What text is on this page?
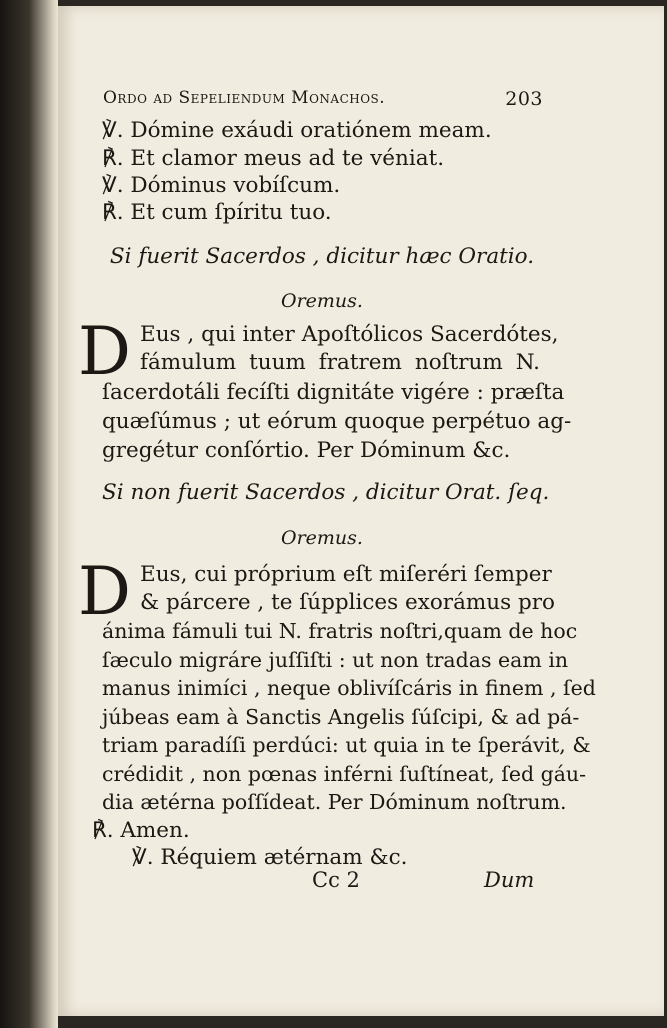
Ordo ad Sepeliendum Monachos.	203
℣. Dómine exáudi oratiónem meam.
℟. Et clamor meus ad te véniat.
℣. Dóminus vobíſcum.
℟. Et cum ſpíritu tuo.
Si fuerit Sacerdos , dicitur hæc Oratio.
Oremus.
D Eus , qui inter Apoſtólicos Sacerdótes,
fámulum tuum fratrem noſtrum N.
ſacerdotáli fecíſti dignitáte vigére : præſta
quæſúmus ; ut eórum quoque perpétuo ag-
gregétur conſórtio. Per Dóminum &c.
Si non fuerit Sacerdos , dicitur Orat. ſeq.
Oremus.
D Eus, cui próprium eſt miſeréri ſemper
& párcere , te ſúpplices exorámus pro
ánima fámuli tui N. fratris noſtri,quam de hoc
ſæculo migráre juſſiſti : ut non tradas eam in
manus inimíci , neque oblivíſcáris in finem , ſed
júbeas eam à Sanctis Angelis ſúſcipi, & ad pá-
triam paradíſi perdúci: ut quia in te ſperávit, &
crédidit , non pœnas inférni ſuſtíneat, ſed gáu-
dia ætérna poſſídeat. Per Dóminum noſtrum.
℟. Amen.
℣. Réquiem ætérnam &c.
Cc 2	Dum
